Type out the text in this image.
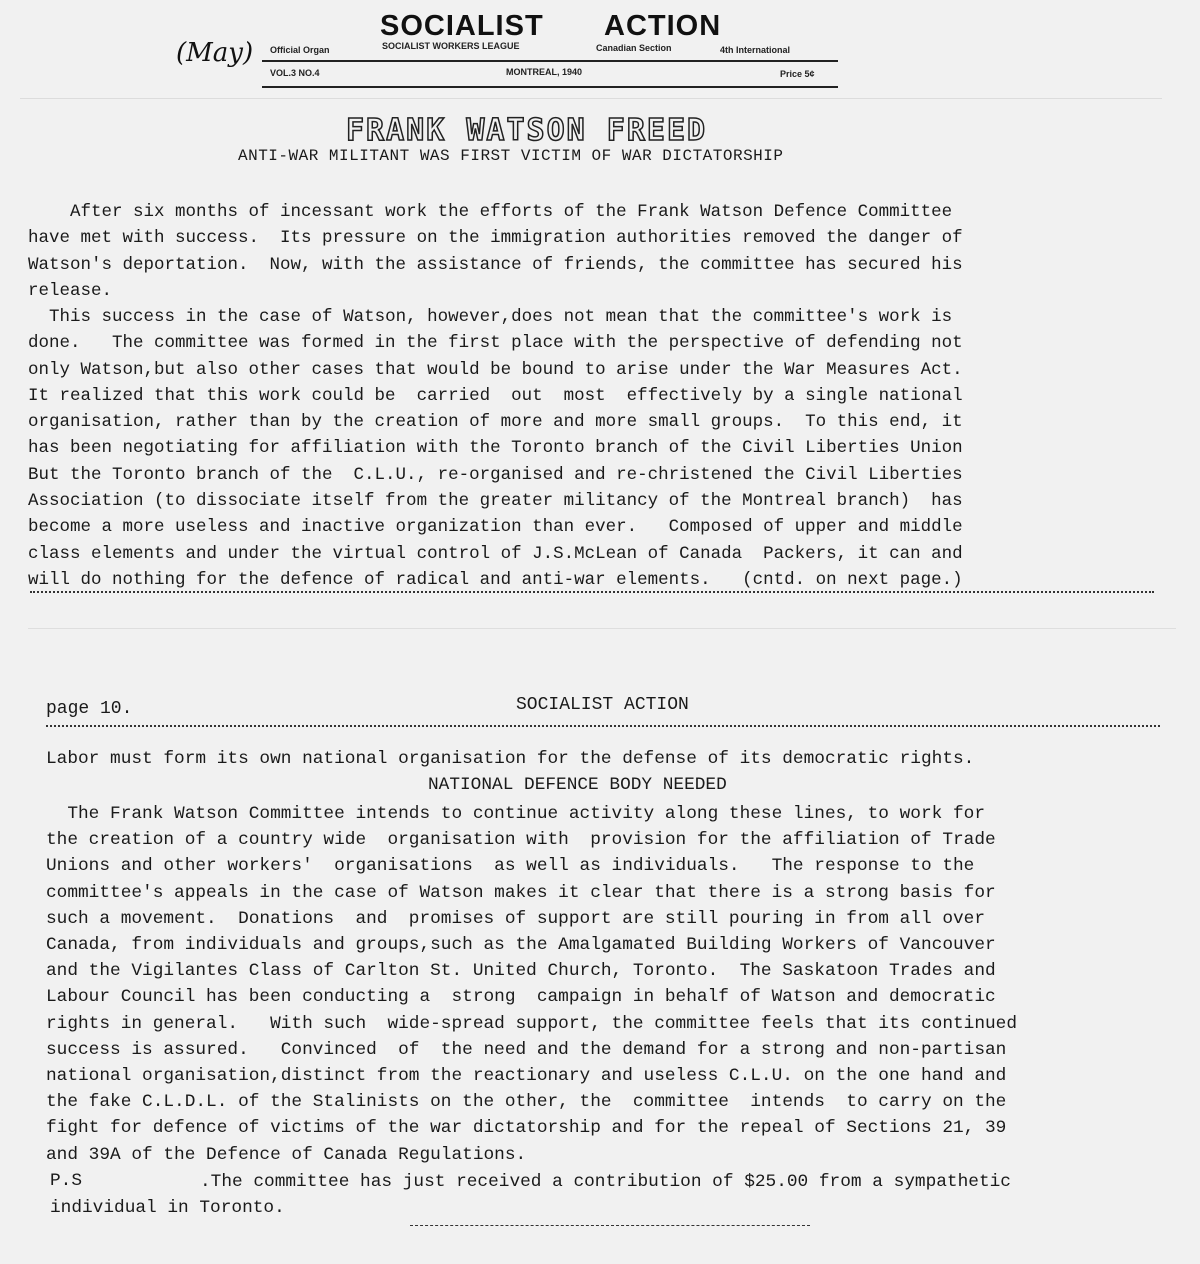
(May)
SOCIALIST ACTION
Official Organ	SOCIALIST WORKERS LEAGUE	Canadian Section	4th International
VOL.3 NO.4	MONTREAL, 1940	Price 5¢
FRANK WATSON FREED
ANTI-WAR MILITANT WAS FIRST VICTIM OF WAR DICTATORSHIP

After six months of incessant work the efforts of the Frank Watson Defence Committee
have met with success.  Its pressure on the immigration authorities removed the danger of
Watson's deportation.  Now, with the assistance of friends, the committee has secured his
release.

This success in the case of Watson, however,does not mean that the committee's work is
done.   The committee was formed in the first place with the perspective of defending not
only Watson,but also other cases that would be bound to arise under the War Measures Act.
It realized that this work could be  carried  out  most  effectively by a single national
organisation, rather than by the creation of more and more small groups.  To this end, it
has been negotiating for affiliation with the Toronto branch of the Civil Liberties Union
But the Toronto branch of the  C.L.U., re-organised and re-christened the Civil Liberties
Association (to dissociate itself from the greater militancy of the Montreal branch)  has
become a more useless and inactive organization than ever.   Composed of upper and middle
class elements and under the virtual control of J.S.McLean of Canada  Packers, it can and
will do nothing for the defence of radical and anti-war elements.   (cntd. on next page.)

page 10.	SOCIALIST ACTION
Labor must form its own national organisation for the defense of its democratic rights.
NATIONAL DEFENCE BODY NEEDED

The Frank Watson Committee intends to continue activity along these lines, to work for
the creation of a country wide  organisation with  provision for the affiliation of Trade
Unions and other workers'  organisations  as well as individuals.   The response to the
committee's appeals in the case of Watson makes it clear that there is a strong basis for
such a movement.  Donations  and  promises of support are still pouring in from all over
Canada, from individuals and groups,such as the Amalgamated Building Workers of Vancouver
and the Vigilantes Class of Carlton St. United Church, Toronto.  The Saskatoon Trades and
Labour Council has been conducting a  strong  campaign in behalf of Watson and democratic
rights in general.   With such  wide-spread support, the committee feels that its continued
success is assured.   Convinced  of  the need and the demand for a strong and non-partisan
national organisation,distinct from the reactionary and useless C.L.U. on the one hand and
the fake C.L.D.L. of the Stalinists on the other, the  committee  intends  to carry on the
fight for defence of victims of the war dictatorship and for the repeal of Sections 21, 39
and 39A of the Defence of Canada Regulations.

P.S	.The committee has just received a contribution of $25.00 from a sympathetic
individual in Toronto.
